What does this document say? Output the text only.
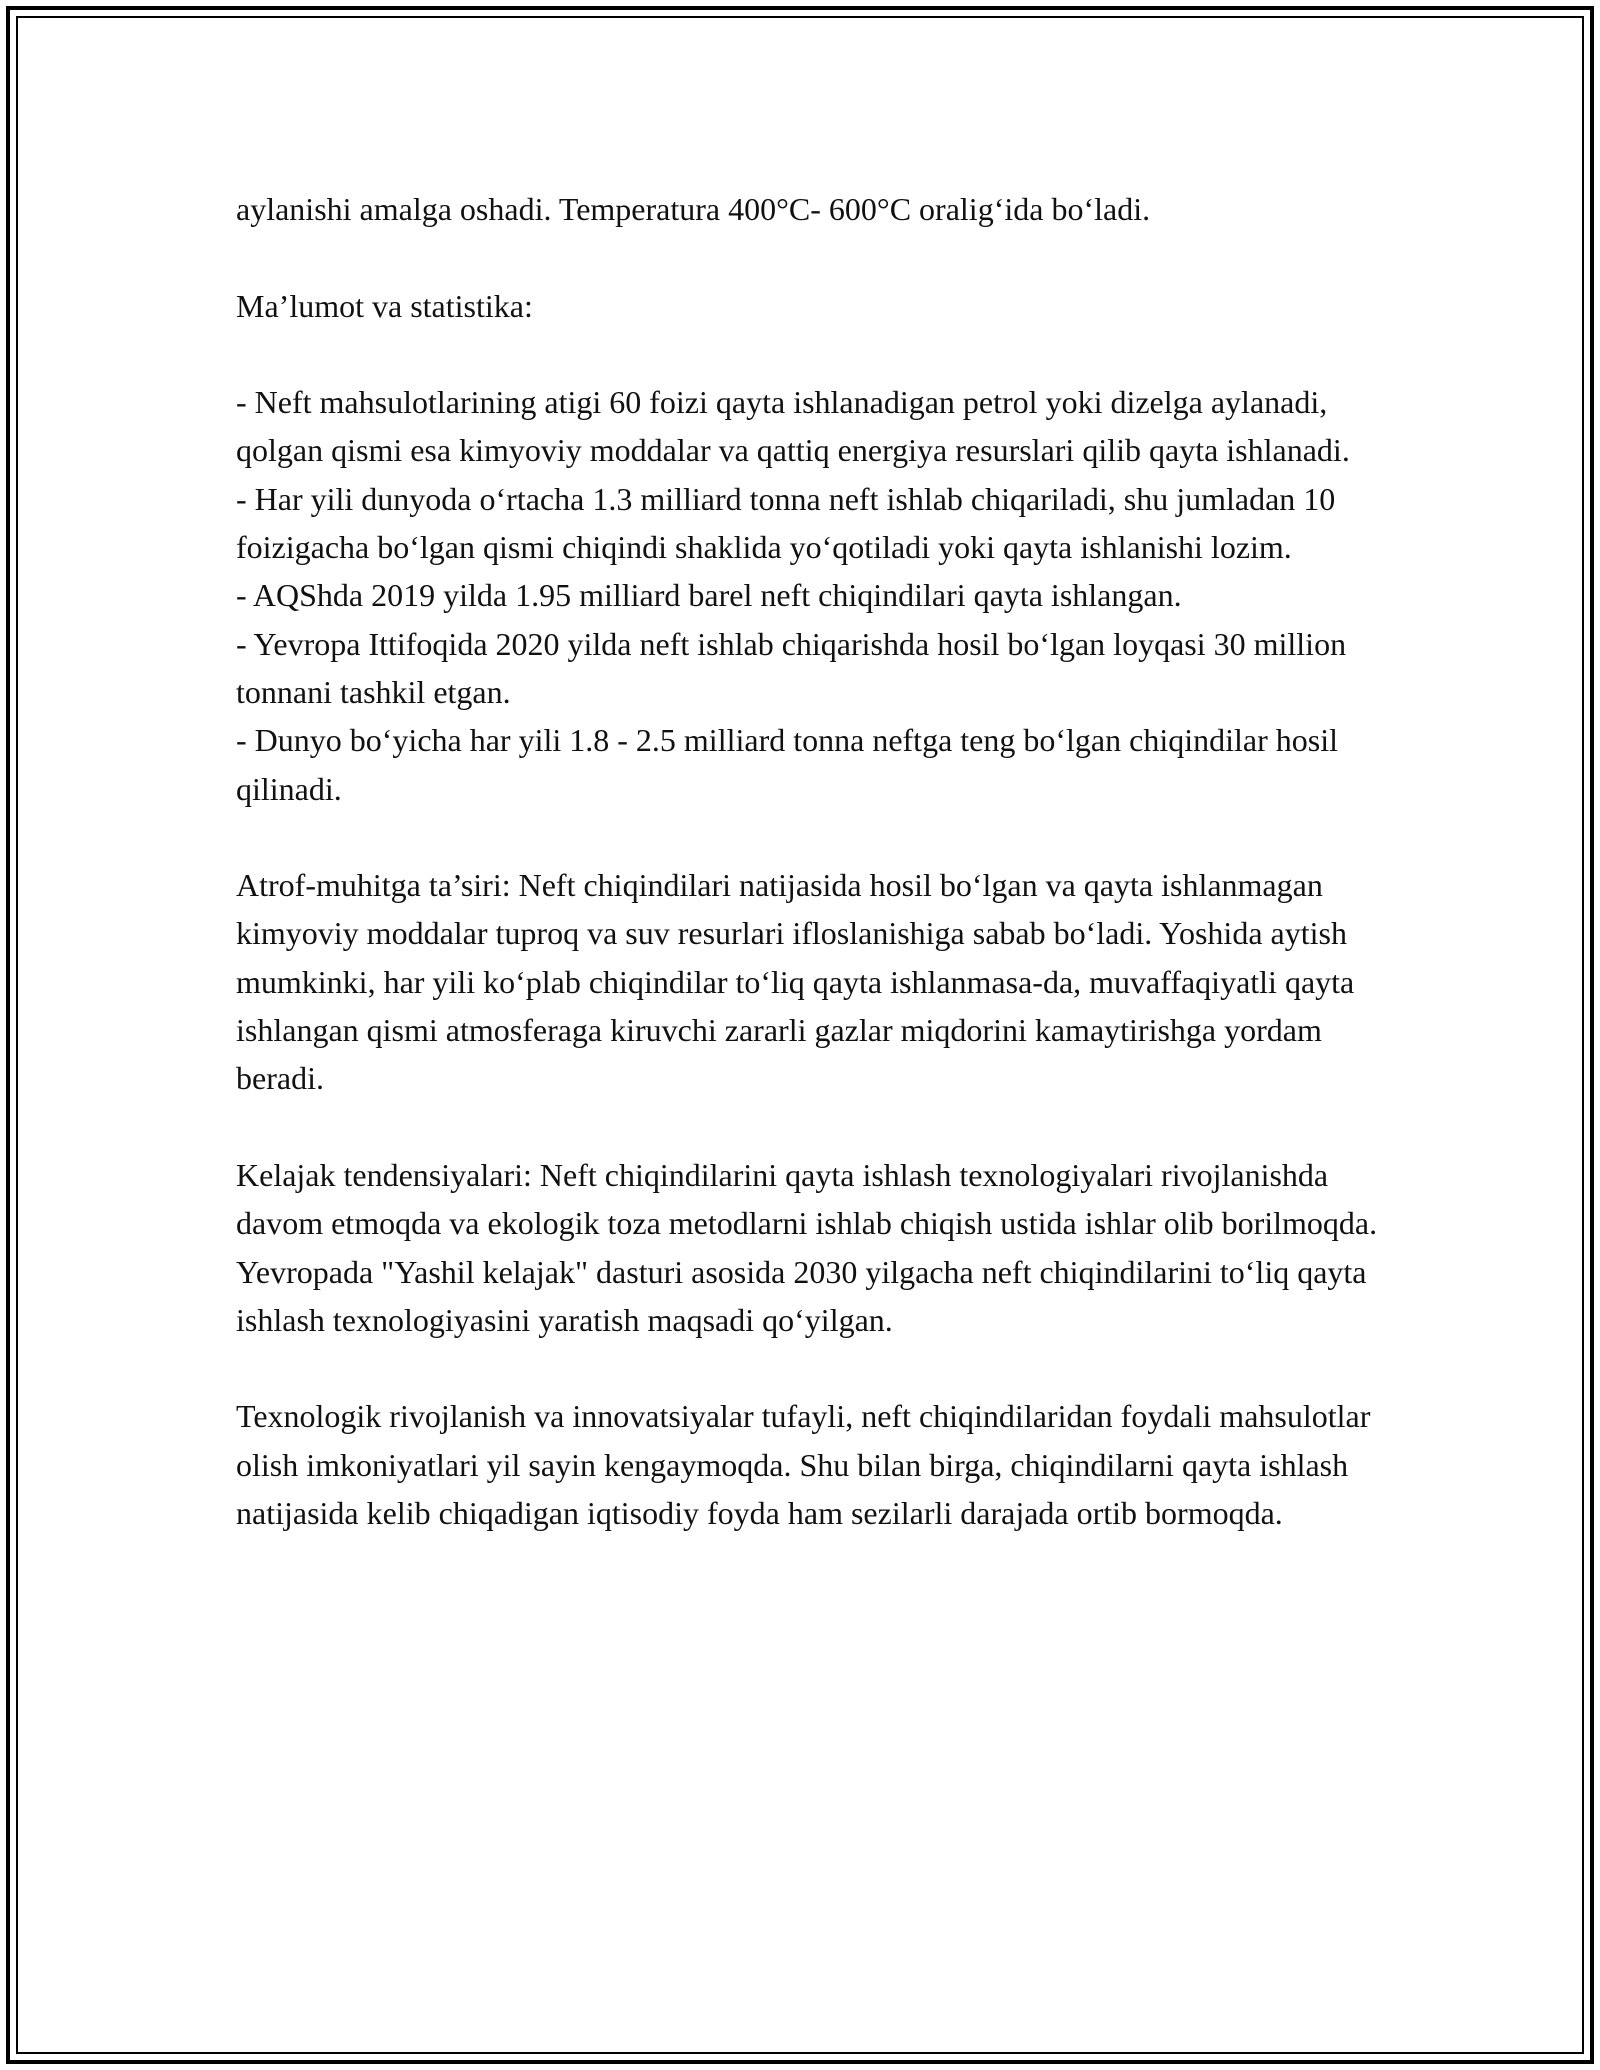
aylanishi amalga oshadi. Temperatura 400°C- 600°C oralig‘ida bo‘ladi.

Ma’lumot va statistika:

- Neft mahsulotlarining atigi 60 foizi qayta ishlanadigan petrol yoki dizelga aylanadi, qolgan qismi esa kimyoviy moddalar va qattiq energiya resurslari qilib qayta ishlanadi.

- Har yili dunyoda o‘rtacha 1.3 milliard tonna neft ishlab chiqariladi, shu jumladan 10 foizigacha bo‘lgan qismi chiqindi shaklida yo‘qotiladi yoki qayta ishlanishi lozim.

- AQShda 2019 yilda 1.95 milliard barel neft chiqindilari qayta ishlangan.

- Yevropa Ittifoqida 2020 yilda neft ishlab chiqarishda hosil bo‘lgan loyqasi 30 million tonnani tashkil etgan.

- Dunyo bo‘yicha har yili 1.8 - 2.5 milliard tonna neftga teng bo‘lgan chiqindilar hosil qilinadi.

Atrof-muhitga ta’siri: Neft chiqindilari natijasida hosil bo‘lgan va qayta ishlanmagan kimyoviy moddalar tuproq va suv resurlari ifloslanishiga sabab bo‘ladi. Yoshida aytish mumkinki, har yili ko‘plab chiqindilar to‘liq qayta ishlanmasa-da, muvaffaqiyatli qayta ishlangan qismi atmosferaga kiruvchi zararli gazlar miqdorini kamaytirishga yordam beradi.

Kelajak tendensiyalari: Neft chiqindilarini qayta ishlash texnologiyalari rivojlanishda davom etmoqda va ekologik toza metodlarni ishlab chiqish ustida ishlar olib borilmoqda. Yevropada "Yashil kelajak" dasturi asosida 2030 yilgacha neft chiqindilarini to‘liq qayta ishlash texnologiyasini yaratish maqsadi qo‘yilgan.

Texnologik rivojlanish va innovatsiyalar tufayli, neft chiqindilaridan foydali mahsulotlar olish imkoniyatlari yil sayin kengaymoqda. Shu bilan birga, chiqindilarni qayta ishlash natijasida kelib chiqadigan iqtisodiy foyda ham sezilarli darajada ortib bormoqda.
